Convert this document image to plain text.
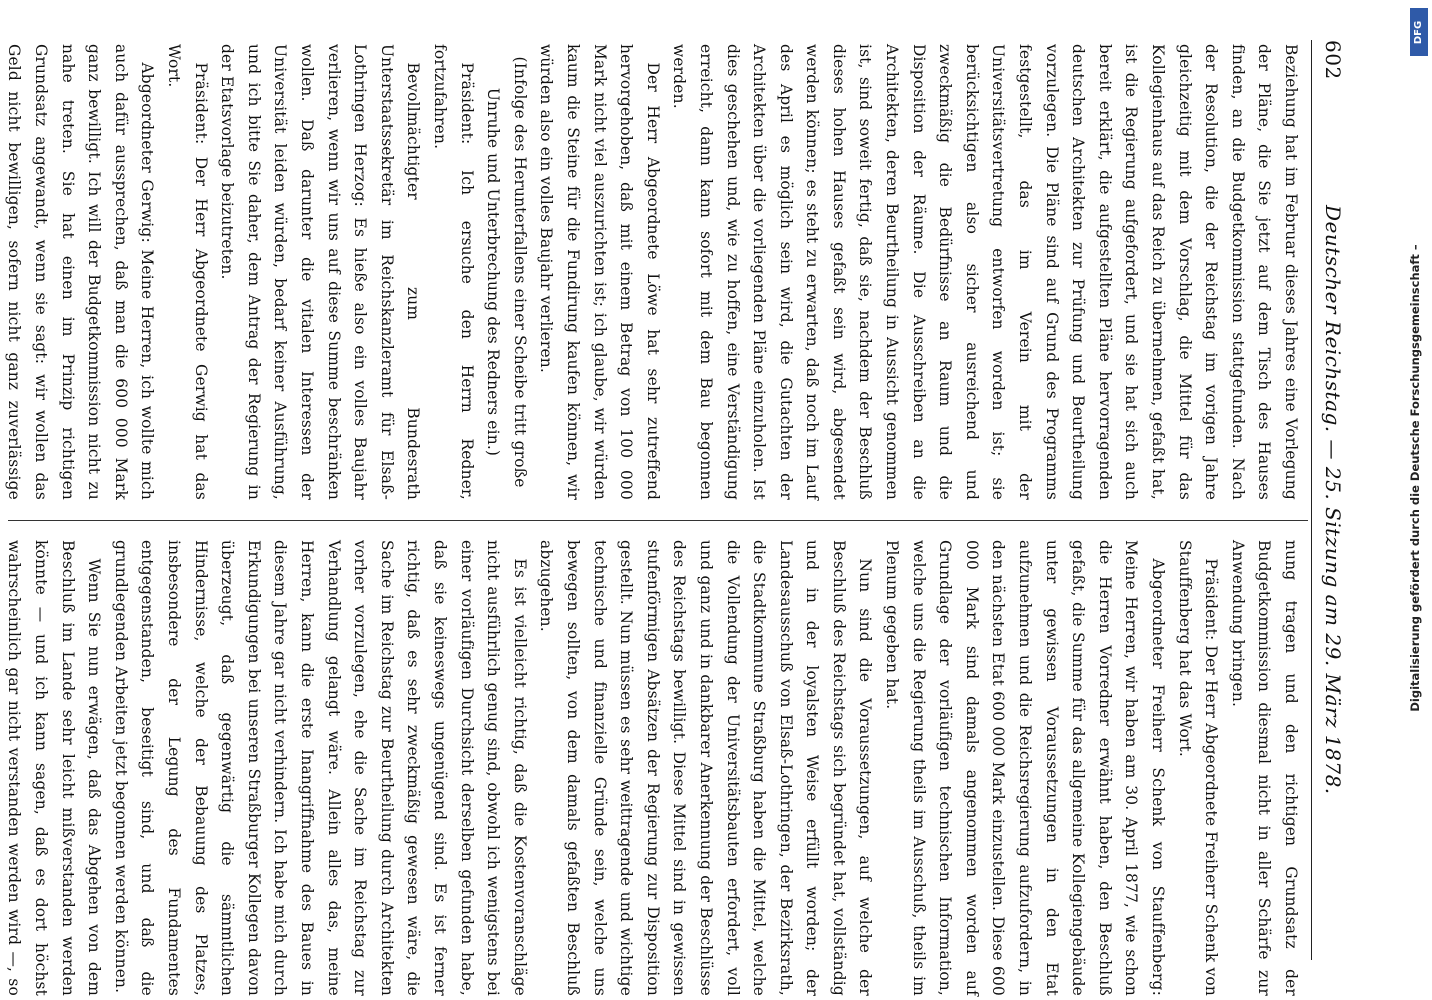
602
Deutscher Reichstag. — 25. Sitzung am 29. März 1878.

Beziehung hat im Februar dieses Jahres eine Vorlegung der Pläne, die Sie jetzt auf dem Tisch des Hauses finden, an die Budgetkommission stattgefunden. Nach der Resolution, die der Reichstag im vorigen Jahre gleichzeitig mit dem Vorschlag, die Mittel für das Kollegienhaus auf das Reich zu übernehmen, gefaßt hat, ist die Regierung aufgefordert, und sie hat sich auch bereit erklärt, die aufgestellten Pläne hervorragenden deutschen Architekten zur Prüfung und Beurtheilung vorzulegen. Die Pläne sind auf Grund des Programms festgestellt, das im Verein mit der Universitätsvertretung entworfen worden ist; sie berücksichtigen also sicher ausreichend und zweckmäßig die Bedürfnisse an Raum und die Disposition der Räume. Die Ausschreiben an die Architekten, deren Beurtheilung in Aussicht genommen ist, sind soweit fertig, daß sie, nachdem der Beschluß dieses hohen Hauses gefaßt sein wird, abgesendet werden können; es steht zu erwarten, daß noch im Lauf des April es möglich sein wird, die Gutachten der Architekten über die vorliegenden Pläne einzuholen. Ist dies geschehen und, wie zu hoffen, eine Verständigung erreicht, dann kann sofort mit dem Bau begonnen werden.

Der Herr Abgeordnete Löwe hat sehr zutreffend hervorgehoben, daß mit einem Betrag von 100 000 Mark nicht viel auszurichten ist; ich glaube, wir würden kaum die Steine für die Fundirung kaufen können, wir würden also ein volles Baujahr verlieren.

(Infolge des Herunterfallens einer Scheibe tritt große Unruhe und Unterbrechung des Redners ein.)

Präsident: Ich ersuche den Herrn Redner, fortzufahren.

Bevollmächtigter zum Bundesrath Unterstaatssekretär im Reichskanzleramt für Elsaß-Lothringen Herzog: Es hieße also ein volles Baujahr verlieren, wenn wir uns auf diese Summe beschränken wollen. Daß darunter die vitalen Interessen der Universität leiden würden, bedarf keiner Ausführung, und ich bitte Sie daher, dem Antrag der Regierung in der Etatsvorlage beizutreten.

Präsident: Der Herr Abgeordnete Gerwig hat das Wort.

Abgeordneter Gerwig: Meine Herren, ich wollte mich auch dafür aussprechen, daß man die 600 000 Mark ganz bewilligt. Ich will der Budgetkommission nicht zu nahe treten. Sie hat einen im Prinzip richtigen Grundsatz angewandt, wenn sie sagt: wir wollen das Geld nicht bewilligen, sofern nicht ganz zuverlässige

nung tragen und den richtigen Grundsatz der Budgetkommission diesmal nicht in aller Schärfe zur Anwendung bringen.

Präsident: Der Herr Abgeordnete Freiherr Schenk von Stauffenberg hat das Wort.

Abgeordneter Freiherr Schenk von Stauffenberg: Meine Herren, wir haben am 30. April 1877, wie schon die Herren Vorredner erwähnt haben, den Beschluß gefaßt, die Summe für das allgemeine Kollegiengebäude unter gewissen Voraussetzungen in den Etat aufzunehmen und die Reichsregierung aufzufordern, in den nächsten Etat 600 000 Mark einzustellen. Diese 600 000 Mark sind damals angenommen worden auf Grundlage der vorläufigen technischen Information, welche uns die Regierung theils im Ausschuß, theils im Plenum gegeben hat.

Nun sind die Voraussetzungen, auf welche der Beschluß des Reichstags sich begründet hat, vollständig und in der loyalsten Weise erfüllt worden; der Landesausschuß von Elsaß-Lothringen, der Bezirksrath, die Stadtkommune Straßburg haben die Mittel, welche die Vollendung der Universitätsbauten erfordert, voll und ganz und in dankbarer Anerkennung der Beschlüsse des Reichstags bewilligt. Diese Mittel sind in gewissen stufenförmigen Absätzen der Regierung zur Disposition gestellt. Nun müssen es sehr weittragende und wichtige technische und finanzielle Gründe sein, welche uns bewegen sollten, von dem damals gefaßten Beschluß abzugehen.

Es ist vielleicht richtig, daß die Kostenvoranschläge nicht ausführlich genug sind, obwohl ich wenigstens bei einer vorläufigen Durchsicht derselben gefunden habe, daß sie keineswegs ungenügend sind. Es ist ferner richtig, daß es sehr zweckmäßig gewesen wäre, die Sache im Reichstag zur Beurtheilung durch Architekten vorher vorzulegen, ehe die Sache im Reichstag zur Verhandlung gelangt wäre. Allein alles das, meine Herren, kann die erste Inangriffnahme des Baues in diesem Jahre gar nicht verhindern. Ich habe mich durch Erkundigungen bei unseren Straßburger Kollegen davon überzeugt, daß gegenwärtig die sämmtlichen Hindernisse, welche der Bebauung des Platzes, insbesondere der Legung des Fundamentes entgegenstanden, beseitigt sind, und daß die grundlegenden Arbeiten jetzt begonnen werden können.

Wenn Sie nun erwägen, daß das Abgehen von dem Beschluß im Lande sehr leicht mißverstanden werden könnte — und ich kann sagen, daß es dort höchst wahrscheinlich gar nicht verstanden werden wird —, so

Digitalisierung gefördert durch die Deutsche Forschungsgemeinschaft –
DFG
